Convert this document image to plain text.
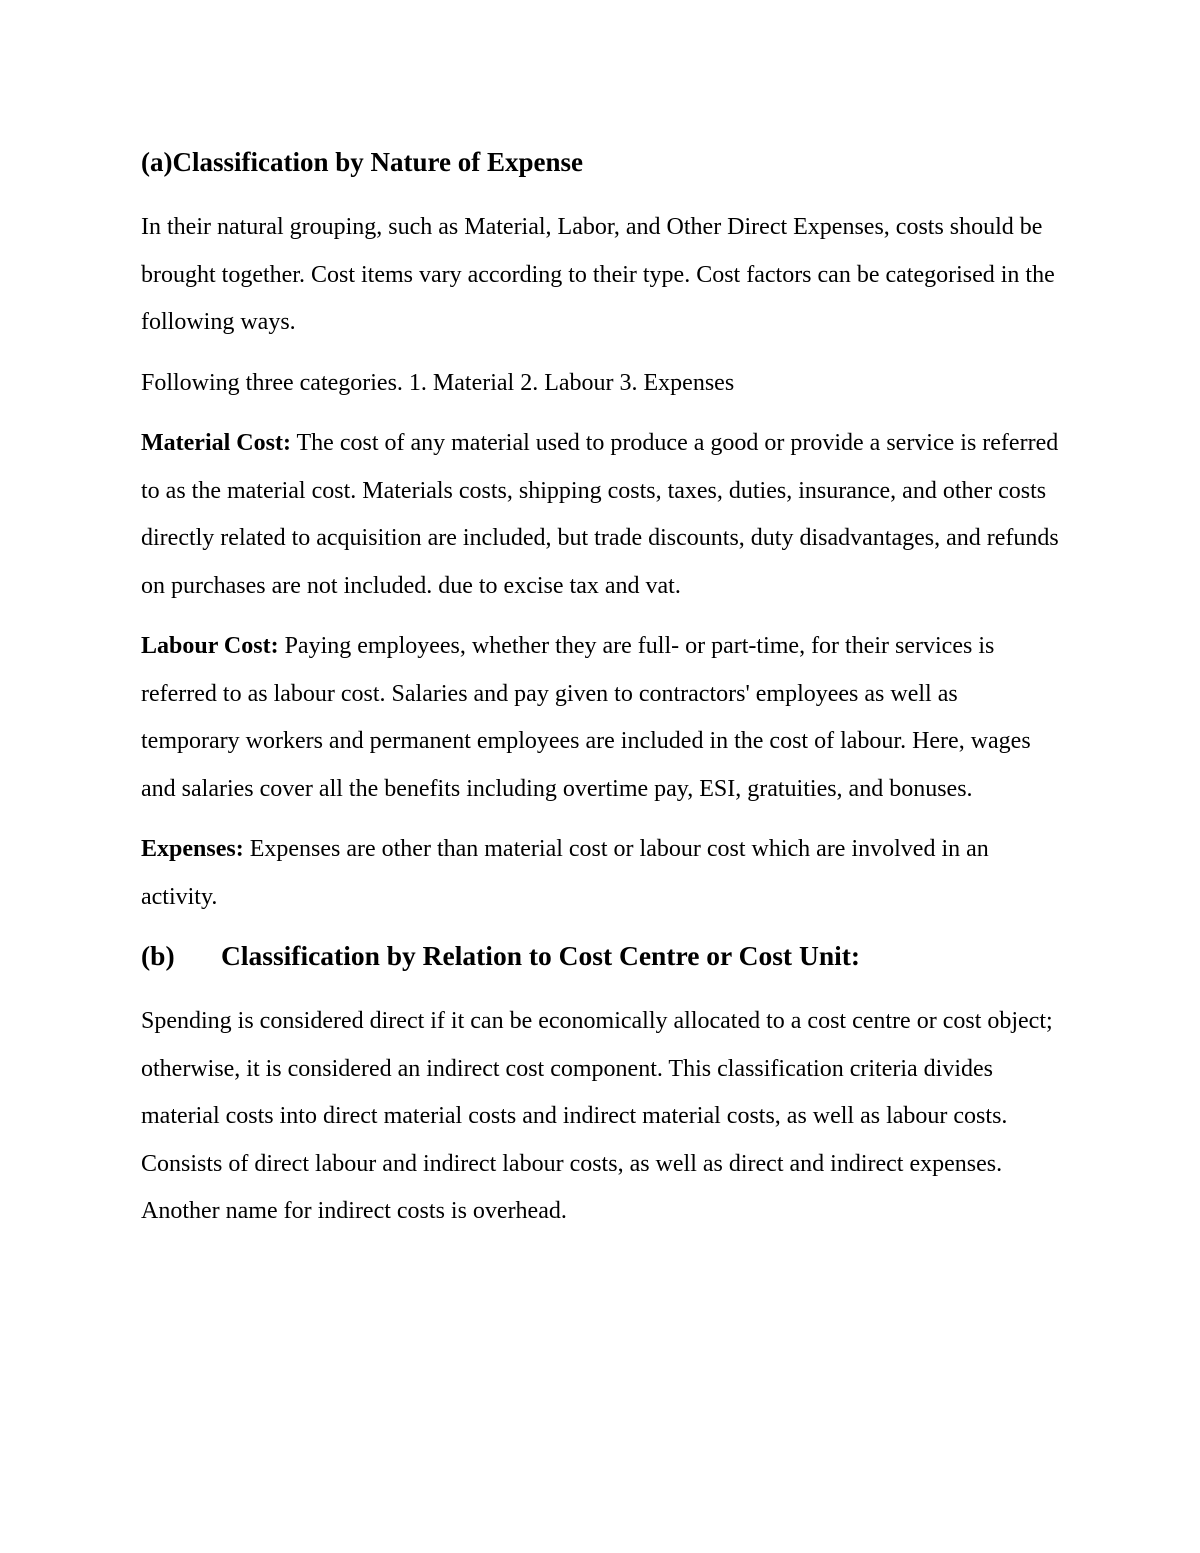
(a)Classification by Nature of Expense

In their natural grouping, such as Material, Labor, and Other Direct Expenses, costs should be brought together. Cost items vary according to their type. Cost factors can be categorised in the following ways.

Following three categories. 1. Material 2. Labour 3. Expenses

Material Cost: The cost of any material used to produce a good or provide a service is referred to as the material cost. Materials costs, shipping costs, taxes, duties, insurance, and other costs directly related to acquisition are included, but trade discounts, duty disadvantages, and refunds on purchases are not included. due to excise tax and vat.

Labour Cost: Paying employees, whether they are full- or part-time, for their services is referred to as labour cost. Salaries and pay given to contractors' employees as well as temporary workers and permanent employees are included in the cost of labour. Here, wages and salaries cover all the benefits including overtime pay, ESI, gratuities, and bonuses.

Expenses: Expenses are other than material cost or labour cost which are involved in an activity.

(b) Classification by Relation to Cost Centre or Cost Unit:

Spending is considered direct if it can be economically allocated to a cost centre or cost object; otherwise, it is considered an indirect cost component. This classification criteria divides material costs into direct material costs and indirect material costs, as well as labour costs. Consists of direct labour and indirect labour costs, as well as direct and indirect expenses. Another name for indirect costs is overhead.
